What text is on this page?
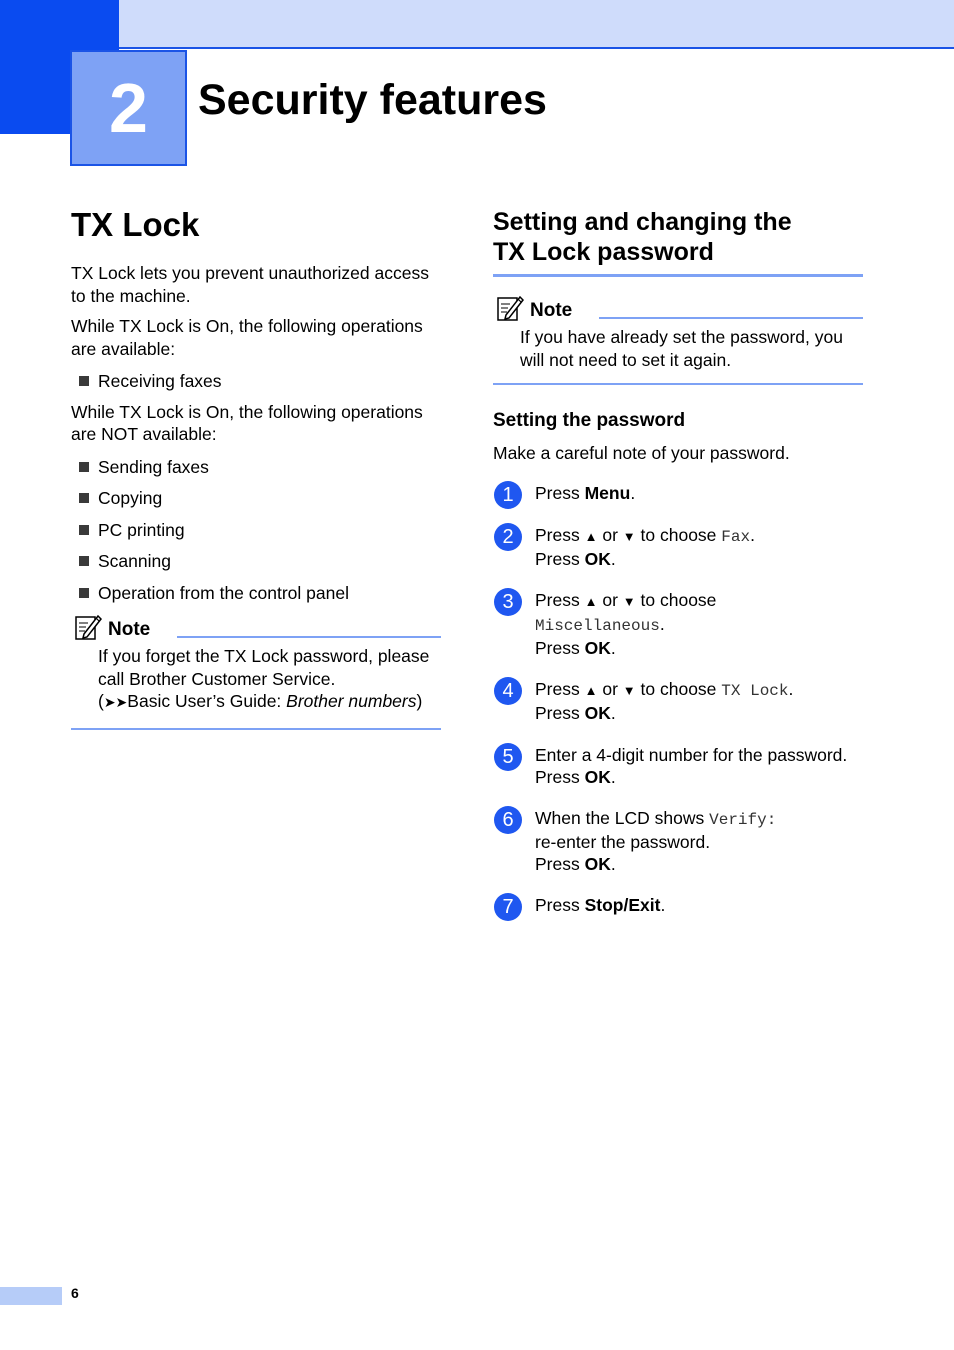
2	Security features
TX Lock

TX Lock lets you prevent unauthorized access to the machine.

While TX Lock is On, the following operations are available:

Receiving faxes

While TX Lock is On, the following operations are NOT available:

Sending faxes
Copying
PC printing
Scanning
Operation from the control panel
Note

If you forget the TX Lock password, please call Brother Customer Service.

(➤➤Basic User’s Guide: Brother numbers)

Setting and changing the
TX Lock password
Note

If you have already set the password, you will not need to set it again.

Setting the password

Make a careful note of your password.

1	Press Menu.
2	Press ▲ or ▼ to choose Fax.
Press OK.
3	Press ▲ or ▼ to choose
Miscellaneous.
Press OK.
4	Press ▲ or ▼ to choose TX Lock.
Press OK.
5	Enter a 4-digit number for the password.
Press OK.
6	When the LCD shows Verify:
re-enter the password.
Press OK.
7	Press Stop/Exit.
6
